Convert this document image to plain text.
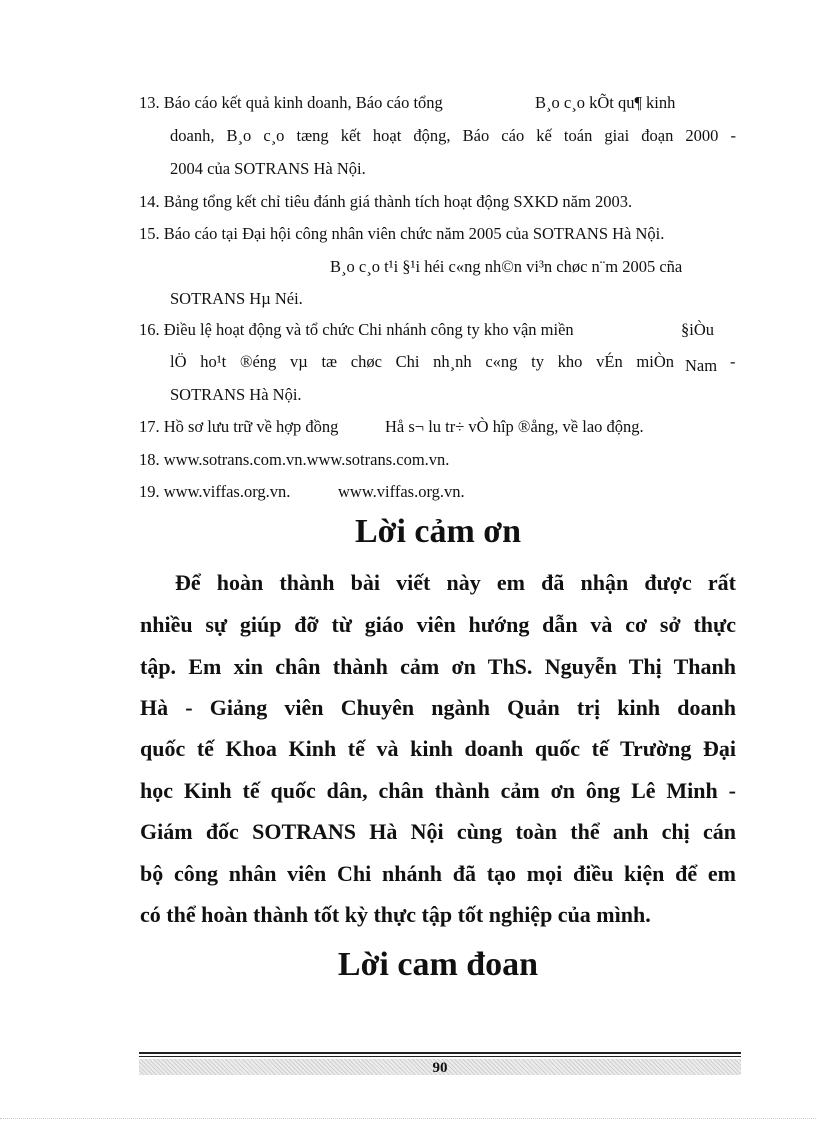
13. Báo cáo kết quả kinh doanh, Báo cáo tổng	B¸o c¸o kÕt qu¶ kinh
doanh, B¸o c¸o tæng kết hoạt động, Báo cáo kế toán giai đoạn 2000 -
2004 của SOTRANS Hà Nội.
14. Bảng tổng kết chỉ tiêu đánh giá thành tích hoạt động SXKD năm 2003.
15. Báo cáo tại Đại hội công nhân viên chức năm 2005 của SOTRANS Hà Nội.
B¸o c¸o t¹i §¹i héi c«ng nh©n vi³n chøc n¨m 2005 cña
SOTRANS Hµ Néi.
16. Điều lệ hoạt động và tổ chức Chi nhánh công ty kho vận miền	§iÒu
lÖ ho¹t ®éng vµ tæ chøc Chi nh¸nh c«ng ty kho vÉn miÒn Nam -
SOTRANS Hà Nội.
17. Hồ sơ lưu trữ về hợp đồng	Hå s¬ lu tr÷ vÒ hîp ®ång, về lao động.
18. www.sotrans.com.vn.www.sotrans.com.vn.
19. www.viffas.org.vn.	www.viffas.org.vn.
Lời cảm ơn
Để hoàn thành bài viết này em đã nhận được rất
nhiều sự giúp đỡ từ giáo viên hướng dẫn và cơ sở thực
tập. Em xin chân thành cảm ơn ThS. Nguyễn Thị Thanh
Hà - Giảng viên Chuyên ngành Quản trị kinh doanh
quốc tế Khoa Kinh tế và kinh doanh quốc tế Trường Đại
học Kinh tế quốc dân, chân thành cảm ơn ông Lê Minh -
Giám đốc SOTRANS Hà Nội cùng toàn thể anh chị cán
bộ công nhân viên Chi nhánh đã tạo mọi điều kiện để em
có thể hoàn thành tốt kỳ thực tập tốt nghiệp của mình.
Lời cam đoan
90
